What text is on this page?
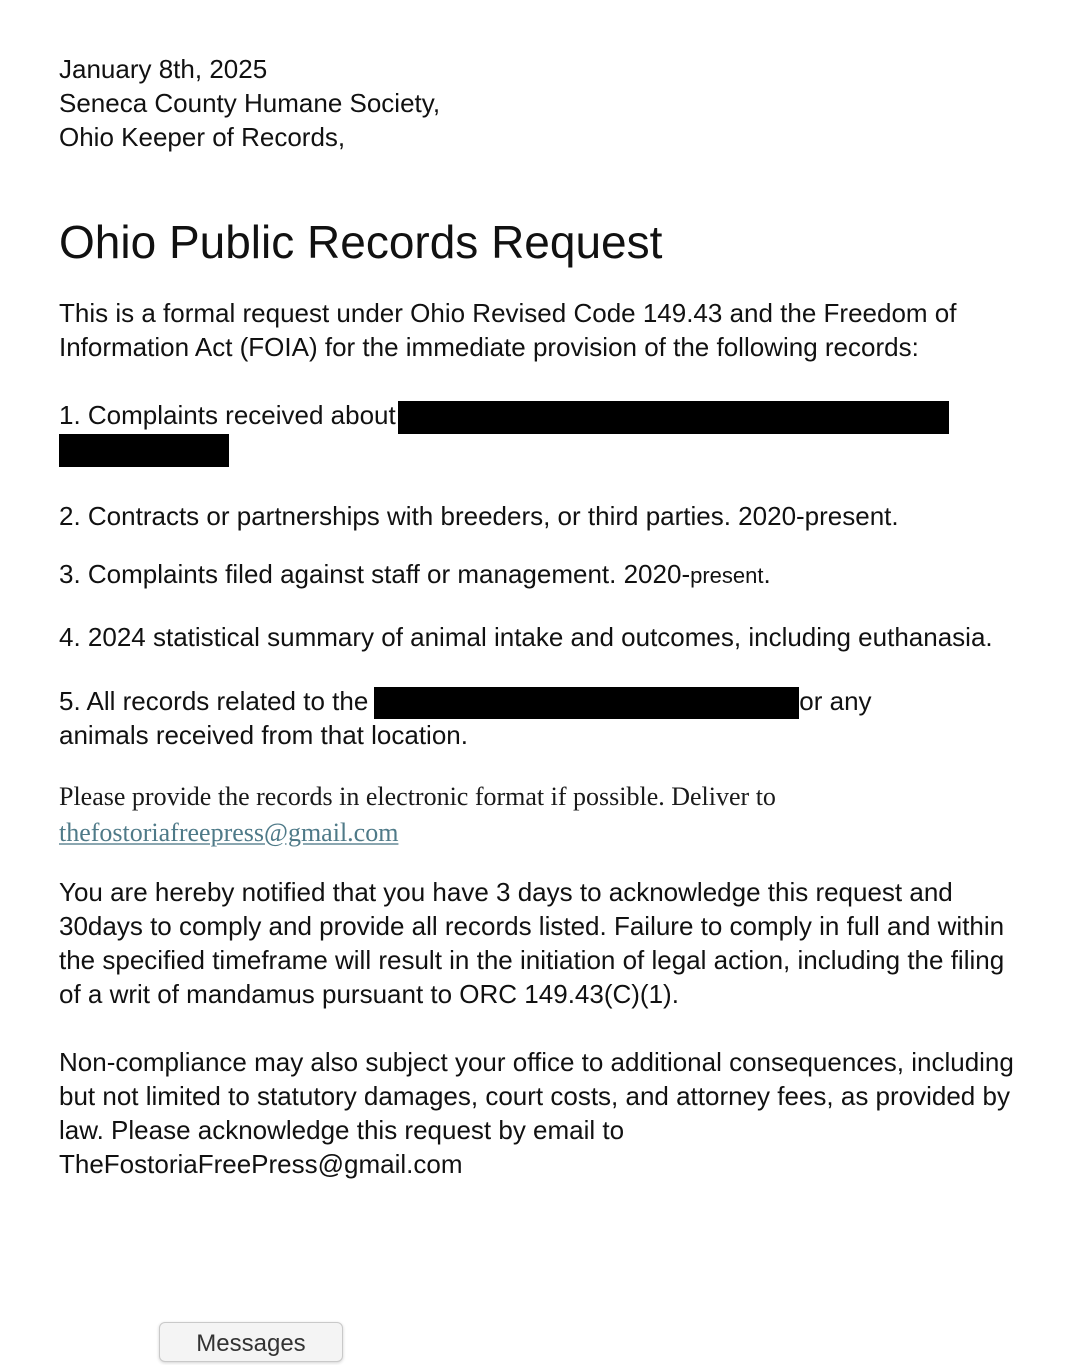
January 8th, 2025
Seneca County Humane Society,
Ohio Keeper of Records,
Ohio Public Records Request

This is a formal request under Ohio Revised Code 149.43 and the Freedom of Information Act (FOIA) for the immediate provision of the following records:

1. Complaints received about
2. Contracts or partnerships with breeders, or third parties. 2020-present.
3. Complaints filed against staff or management. 2020-present.
4. 2024 statistical summary of animal intake and outcomes, including euthanasia.
5. All records related to the	or any
animals received from that location.
Please provide the records in electronic format if possible. Deliver to
thefostoriafreepress@gmail.com

You are hereby notified that you have 3 days to acknowledge this request and 30days to comply and provide all records listed. Failure to comply in full and within the specified timeframe will result in the initiation of legal action, including the filing of a writ of mandamus pursuant to ORC 149.43(C)(1).

Non-compliance may also subject your office to additional consequences, including but not limited to statutory damages, court costs, and attorney fees, as provided by law. Please acknowledge this request by email to TheFostoriaFreePress@gmail.com

Messages
